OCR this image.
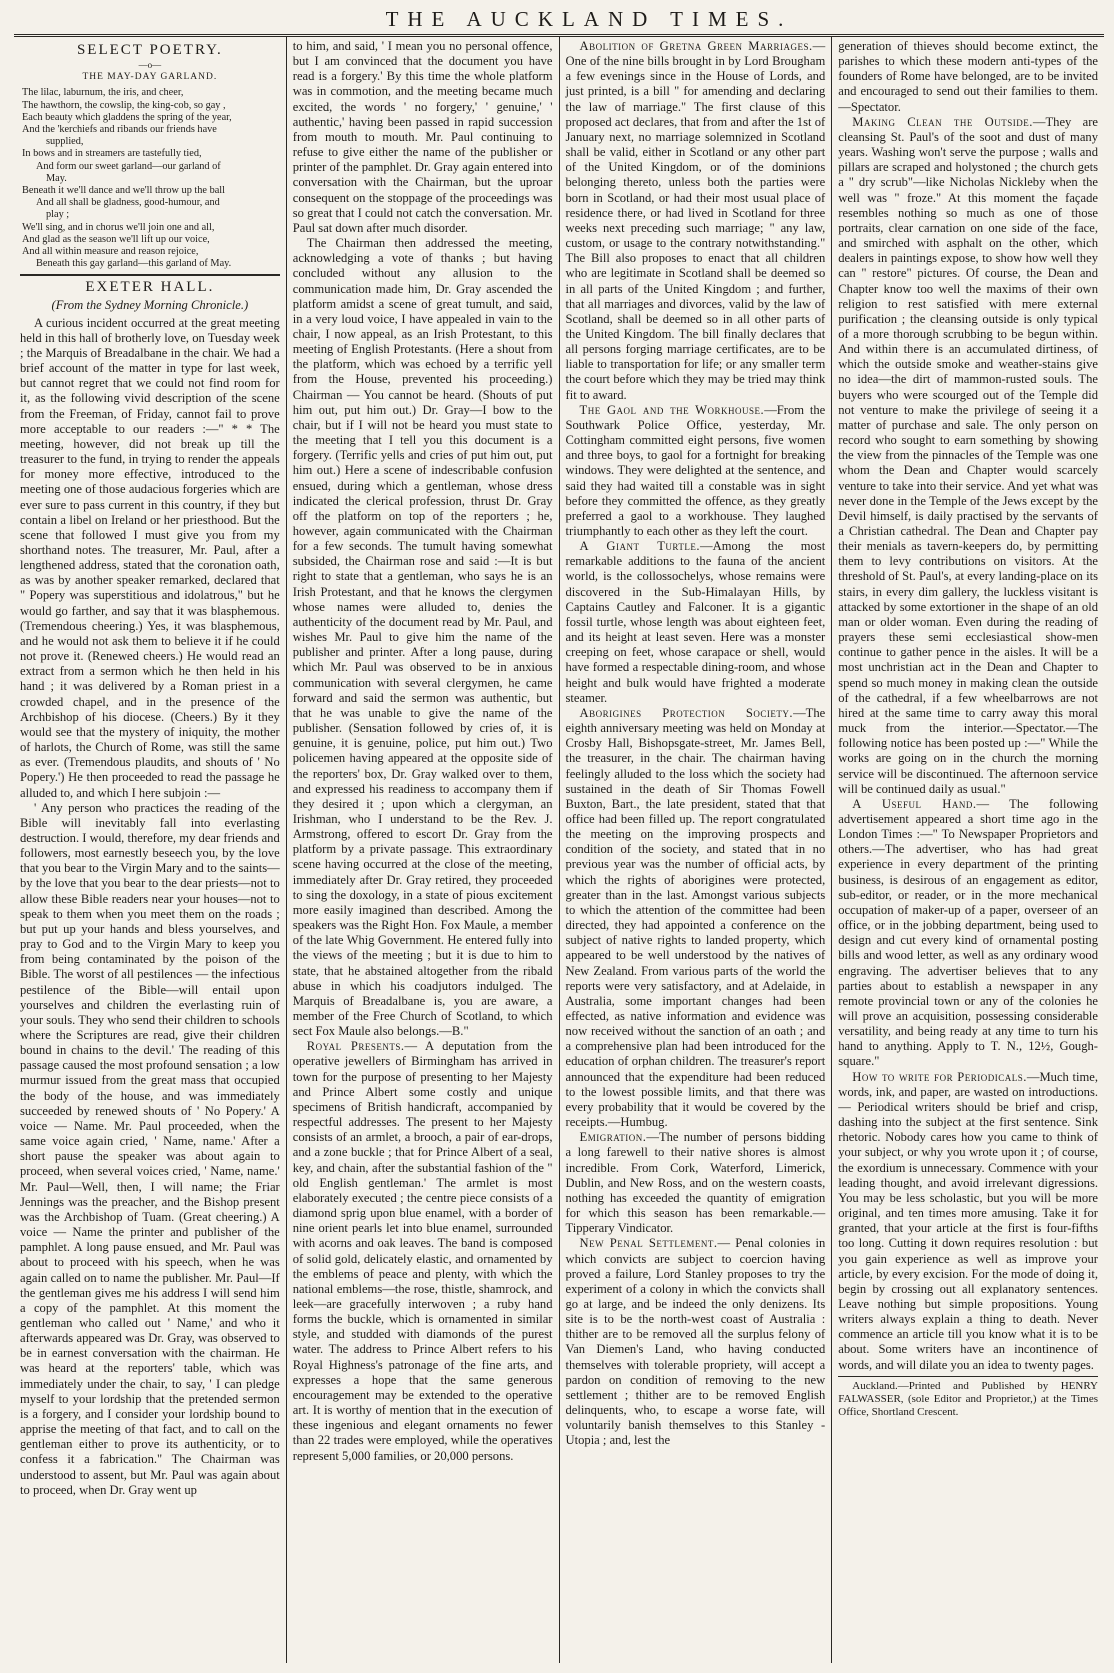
THE AUCKLAND TIMES.
SELECT POETRY.
—o—
THE MAY-DAY GARLAND.
The lilac, laburnum, the iris, and cheer,
The hawthorn, the cowslip, the king-cob, so gay ,
Each beauty which gladdens the spring of the year,
And the 'kerchiefs and ribands our friends have
supplied,
In bows and in streamers are tastefully tied,
And form our sweet garland—our garland of
May.
Beneath it we'll dance and we'll throw up the ball
And all shall be gladness, good-humour, and
play ;
We'll sing, and in chorus we'll join one and all,
And glad as the season we'll lift up our voice,
And all within measure and reason rejoice,
Beneath this gay garland—this garland of May.
EXETER HALL.
(From the Sydney Morning Chronicle.)

A curious incident occurred at the great meeting held in this hall of brotherly love, on Tuesday week ; the Marquis of Breadalbane in the chair. We had a brief account of the matter in type for last week, but cannot regret that we could not find room for it, as the following vivid description of the scene from the Freeman, of Friday, cannot fail to prove more acceptable to our readers :—" * * The meeting, however, did not break up till the treasurer to the fund, in trying to render the appeals for money more effective, introduced to the meeting one of those audacious forgeries which are ever sure to pass current in this country, if they but contain a libel on Ireland or her priesthood. But the scene that followed I must give you from my shorthand notes. The treasurer, Mr. Paul, after a lengthened address, stated that the coronation oath, as was by another speaker remarked, declared that " Popery was superstitious and idolatrous," but he would go farther, and say that it was blasphemous. (Tremendous cheering.) Yes, it was blasphemous, and he would not ask them to believe it if he could not prove it. (Renewed cheers.) He would read an extract from a sermon which he then held in his hand ; it was delivered by a Roman priest in a crowded chapel, and in the presence of the Archbishop of his diocese. (Cheers.) By it they would see that the mystery of iniquity, the mother of harlots, the Church of Rome, was still the same as ever. (Tremendous plaudits, and shouts of ' No Popery.') He then proceeded to read the passage he alluded to, and which I here subjoin :—

' Any person who practices the reading of the Bible will inevitably fall into everlasting destruction. I would, therefore, my dear friends and followers, most earnestly beseech you, by the love that you bear to the Virgin Mary and to the saints—by the love that you bear to the dear priests—not to allow these Bible readers near your houses—not to speak to them when you meet them on the roads ; but put up your hands and bless yourselves, and pray to God and to the Virgin Mary to keep you from being contaminated by the poison of the Bible. The worst of all pestilences — the infectious pestilence of the Bible—will entail upon yourselves and children the everlasting ruin of your souls. They who send their children to schools where the Scriptures are read, give their children bound in chains to the devil.' The reading of this passage caused the most profound sensation ; a low murmur issued from the great mass that occupied the body of the house, and was immediately succeeded by renewed shouts of ' No Popery.' A voice — Name. Mr. Paul proceeded, when the same voice again cried, ' Name, name.' After a short pause the speaker was about again to proceed, when several voices cried, ' Name, name.' Mr. Paul—Well, then, I will name; the Friar Jennings was the preacher, and the Bishop present was the Archbishop of Tuam. (Great cheering.) A voice — Name the printer and publisher of the pamphlet. A long pause ensued, and Mr. Paul was about to proceed with his speech, when he was again called on to name the publisher. Mr. Paul—If the gentleman gives me his address I will send him a copy of the pamphlet. At this moment the gentleman who called out ' Name,' and who it afterwards appeared was Dr. Gray, was observed to be in earnest conversation with the chairman. He was heard at the reporters' table, which was immediately under the chair, to say, ' I can pledge myself to your lordship that the pretended sermon is a forgery, and I consider your lordship bound to apprise the meeting of that fact, and to call on the gentleman either to prove its authenticity, or to confess it a fabrication." The Chairman was understood to assent, but Mr. Paul was again about to proceed, when Dr. Gray went up

to him, and said, ' I mean you no personal offence, but I am convinced that the document you have read is a forgery.' By this time the whole platform was in commotion, and the meeting became much excited, the words ' no forgery,' ' genuine,' ' authentic,' having been passed in rapid succession from mouth to mouth. Mr. Paul continuing to refuse to give either the name of the publisher or printer of the pamphlet. Dr. Gray again entered into conversation with the Chairman, but the uproar consequent on the stoppage of the proceedings was so great that I could not catch the conversation. Mr. Paul sat down after much disorder.

The Chairman then addressed the meeting, acknowledging a vote of thanks ; but having concluded without any allusion to the communication made him, Dr. Gray ascended the platform amidst a scene of great tumult, and said, in a very loud voice, I have appealed in vain to the chair, I now appeal, as an Irish Protestant, to this meeting of English Protestants. (Here a shout from the platform, which was echoed by a terrific yell from the House, prevented his proceeding.) Chairman — You cannot be heard. (Shouts of put him out, put him out.) Dr. Gray—I bow to the chair, but if I will not be heard you must state to the meeting that I tell you this document is a forgery. (Terrific yells and cries of put him out, put him out.) Here a scene of indescribable confusion ensued, during which a gentleman, whose dress indicated the clerical profession, thrust Dr. Gray off the platform on top of the reporters ; he, however, again communicated with the Chairman for a few seconds. The tumult having somewhat subsided, the Chairman rose and said :—It is but right to state that a gentleman, who says he is an Irish Protestant, and that he knows the clergymen whose names were alluded to, denies the authenticity of the document read by Mr. Paul, and wishes Mr. Paul to give him the name of the publisher and printer. After a long pause, during which Mr. Paul was observed to be in anxious communication with several clergymen, he came forward and said the sermon was authentic, but that he was unable to give the name of the publisher. (Sensation followed by cries of, it is genuine, it is genuine, police, put him out.) Two policemen having appeared at the opposite side of the reporters' box, Dr. Gray walked over to them, and expressed his readiness to accompany them if they desired it ; upon which a clergyman, an Irishman, who I understand to be the Rev. J. Armstrong, offered to escort Dr. Gray from the platform by a private passage. This extraordinary scene having occurred at the close of the meeting, immediately after Dr. Gray retired, they proceeded to sing the doxology, in a state of pious excitement more easily imagined than described. Among the speakers was the Right Hon. Fox Maule, a member of the late Whig Government. He entered fully into the views of the meeting ; but it is due to him to state, that he abstained altogether from the ribald abuse in which his coadjutors indulged. The Marquis of Breadalbane is, you are aware, a member of the Free Church of Scotland, to which sect Fox Maule also belongs.—B."

Royal Presents.— A deputation from the operative jewellers of Birmingham has arrived in town for the purpose of presenting to her Majesty and Prince Albert some costly and unique specimens of British handicraft, accompanied by respectful addresses. The present to her Majesty consists of an armlet, a brooch, a pair of ear-drops, and a zone buckle ; that for Prince Albert of a seal, key, and chain, after the substantial fashion of the " old English gentleman.' The armlet is most elaborately executed ; the centre piece consists of a diamond sprig upon blue enamel, with a border of nine orient pearls let into blue enamel, surrounded with acorns and oak leaves. The band is composed of solid gold, delicately elastic, and ornamented by the emblems of peace and plenty, with which the national emblems—the rose, thistle, shamrock, and leek—are gracefully interwoven ; a ruby hand forms the buckle, which is ornamented in similar style, and studded with diamonds of the purest water. The address to Prince Albert refers to his Royal Highness's patronage of the fine arts, and expresses a hope that the same generous encouragement may be extended to the operative art. It is worthy of mention that in the execution of these ingenious and elegant ornaments no fewer than 22 trades were employed, while the operatives represent 5,000 families, or 20,000 persons.

Abolition of Gretna Green Marriages.—One of the nine bills brought in by Lord Brougham a few evenings since in the House of Lords, and just printed, is a bill " for amending and declaring the law of marriage." The first clause of this proposed act declares, that from and after the 1st of January next, no marriage solemnized in Scotland shall be valid, either in Scotland or any other part of the United Kingdom, or of the dominions belonging thereto, unless both the parties were born in Scotland, or had their most usual place of residence there, or had lived in Scotland for three weeks next preceding such marriage; " any law, custom, or usage to the contrary notwithstanding." The Bill also proposes to enact that all children who are legitimate in Scotland shall be deemed so in all parts of the United Kingdom ; and further, that all marriages and divorces, valid by the law of Scotland, shall be deemed so in all other parts of the United Kingdom. The bill finally declares that all persons forging marriage certificates, are to be liable to transportation for life; or any smaller term the court before which they may be tried may think fit to award.

The Gaol and the Workhouse.—From the Southwark Police Office, yesterday, Mr. Cottingham committed eight persons, five women and three boys, to gaol for a fortnight for breaking windows. They were delighted at the sentence, and said they had waited till a constable was in sight before they committed the offence, as they greatly preferred a gaol to a workhouse. They laughed triumphantly to each other as they left the court.

A Giant Turtle.—Among the most remarkable additions to the fauna of the ancient world, is the collossochelys, whose remains were discovered in the Sub-Himalayan Hills, by Captains Cautley and Falconer. It is a gigantic fossil turtle, whose length was about eighteen feet, and its height at least seven. Here was a monster creeping on feet, whose carapace or shell, would have formed a respectable dining-room, and whose height and bulk would have frighted a moderate steamer.

Aborigines Protection Society.—The eighth anniversary meeting was held on Monday at Crosby Hall, Bishopsgate-street, Mr. James Bell, the treasurer, in the chair. The chairman having feelingly alluded to the loss which the society had sustained in the death of Sir Thomas Fowell Buxton, Bart., the late president, stated that that office had been filled up. The report congratulated the meeting on the improving prospects and condition of the society, and stated that in no previous year was the number of official acts, by which the rights of aborigines were protected, greater than in the last. Amongst various subjects to which the attention of the committee had been directed, they had appointed a conference on the subject of native rights to landed property, which appeared to be well understood by the natives of New Zealand. From various parts of the world the reports were very satisfactory, and at Adelaide, in Australia, some important changes had been effected, as native information and evidence was now received without the sanction of an oath ; and a comprehensive plan had been introduced for the education of orphan children. The treasurer's report announced that the expenditure had been reduced to the lowest possible limits, and that there was every probability that it would be covered by the receipts.—Humbug.

Emigration.—The number of persons bidding a long farewell to their native shores is almost incredible. From Cork, Waterford, Limerick, Dublin, and New Ross, and on the western coasts, nothing has exceeded the quantity of emigration for which this season has been remarkable.—Tipperary Vindicator.

New Penal Settlement.— Penal colonies in which convicts are subject to coercion having proved a failure, Lord Stanley proposes to try the experiment of a colony in which the convicts shall go at large, and be indeed the only denizens. Its site is to be the north-west coast of Australia : thither are to be removed all the surplus felony of Van Diemen's Land, who having conducted themselves with tolerable propriety, will accept a pardon on condition of removing to the new settlement ; thither are to be removed English delinquents, who, to escape a worse fate, will voluntarily banish themselves to this Stanley - Utopia ; and, lest the

generation of thieves should become extinct, the parishes to which these modern anti-types of the founders of Rome have belonged, are to be invited and encouraged to send out their families to them.—Spectator.

Making Clean the Outside.—They are cleansing St. Paul's of the soot and dust of many years. Washing won't serve the purpose ; walls and pillars are scraped and holystoned ; the church gets a " dry scrub"—like Nicholas Nickleby when the well was " froze." At this moment the façade resembles nothing so much as one of those portraits, clear carnation on one side of the face, and smirched with asphalt on the other, which dealers in paintings expose, to show how well they can " restore" pictures. Of course, the Dean and Chapter know too well the maxims of their own religion to rest satisfied with mere external purification ; the cleansing outside is only typical of a more thorough scrubbing to be begun within. And within there is an accumulated dirtiness, of which the outside smoke and weather-stains give no idea—the dirt of mammon-rusted souls. The buyers who were scourged out of the Temple did not venture to make the privilege of seeing it a matter of purchase and sale. The only person on record who sought to earn something by showing the view from the pinnacles of the Temple was one whom the Dean and Chapter would scarcely venture to take into their service. And yet what was never done in the Temple of the Jews except by the Devil himself, is daily practised by the servants of a Christian cathedral. The Dean and Chapter pay their menials as tavern-keepers do, by permitting them to levy contributions on visitors. At the threshold of St. Paul's, at every landing-place on its stairs, in every dim gallery, the luckless visitant is attacked by some extortioner in the shape of an old man or older woman. Even during the reading of prayers these semi ecclesiastical show-men continue to gather pence in the aisles. It will be a most unchristian act in the Dean and Chapter to spend so much money in making clean the outside of the cathedral, if a few wheelbarrows are not hired at the same time to carry away this moral muck from the interior.—Spectator.—The following notice has been posted up :—" While the works are going on in the church the morning service will be discontinued. The afternoon service will be continued daily as usual."

A Useful Hand.— The following advertisement appeared a short time ago in the London Times :—" To Newspaper Proprietors and others.—The advertiser, who has had great experience in every department of the printing business, is desirous of an engagement as editor, sub-editor, or reader, or in the more mechanical occupation of maker-up of a paper, overseer of an office, or in the jobbing department, being used to design and cut every kind of ornamental posting bills and wood letter, as well as any ordinary wood engraving. The advertiser believes that to any parties about to establish a newspaper in any remote provincial town or any of the colonies he will prove an acquisition, possessing considerable versatility, and being ready at any time to turn his hand to anything. Apply to T. N., 12½, Gough-square."

How to write for Periodicals.—Much time, words, ink, and paper, are wasted on introductions. — Periodical writers should be brief and crisp, dashing into the subject at the first sentence. Sink rhetoric. Nobody cares how you came to think of your subject, or why you wrote upon it ; of course, the exordium is unnecessary. Commence with your leading thought, and avoid irrelevant digressions. You may be less scholastic, but you will be more original, and ten times more amusing. Take it for granted, that your article at the first is four-fifths too long. Cutting it down requires resolution : but you gain experience as well as improve your article, by every excision. For the mode of doing it, begin by crossing out all explanatory sentences. Leave nothing but simple propositions. Young writers always explain a thing to death. Never commence an article till you know what it is to be about. Some writers have an incontinence of words, and will dilate you an idea to twenty pages.

Auckland.—Printed and Published by HENRY FALWASSER, (sole Editor and Proprietor,) at the Times Office, Shortland Crescent.
